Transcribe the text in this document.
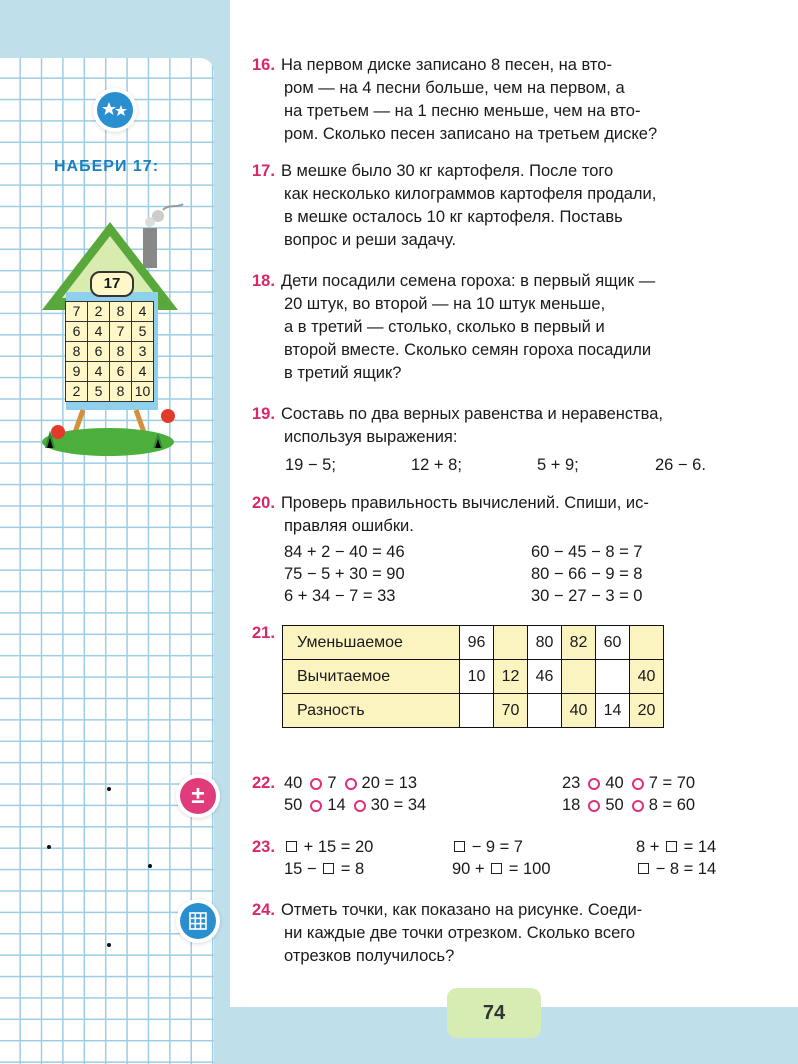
НАБЕРИ 17:
17
7	2	8	4
6	4	7	5
8	6	8	3
9	4	6	4
2	5	8 10
16. На первом диске записано 8 песен, на вто-
ром — на 4 песни больше, чем на первом, а
на третьем — на 1 песню меньше, чем на вто-
ром. Сколько песен записано на третьем диске?
17. В мешке было 30 кг картофеля. После того
как несколько килограммов картофеля продали,
в мешке осталось 10 кг картофеля. Поставь
вопрос и реши задачу.
18. Дети посадили семена гороха: в первый ящик —
20 штук, во второй — на 10 штук меньше,
а в третий — столько, сколько в первый и
второй вместе. Сколько семян гороха посадили
в третий ящик?
19. Составь по два верных равенства и неравенства,
используя выражения:
19 − 5;	12 + 8;	5 + 9;	26 − 6.
20. Проверь правильность вычислений. Спиши, ис-
правляя ошибки.
84 + 2 − 40 = 46
75 − 5 + 30 = 90
6 + 34 − 7 = 33
60 − 45 − 8 = 7
80 − 66 − 9 = 8
30 − 27 − 3 = 0
21. Уменьшаемое	96		80	82	60	
Вычитаемое	10	12	46			40
Разность		70		40	14	20
±	22. 40 7 20 = 13
50 14 30 = 34
23 40 7 = 70
18 50 8 = 60
23.	+ 15 = 20
15 − = 8
− 9 = 7
90 + = 100
8 + = 14
− 8 = 14
24. Отметь точки, как показано на рисунке. Соеди-
ни каждые две точки отрезком. Сколько всего
отрезков получилось?
74
